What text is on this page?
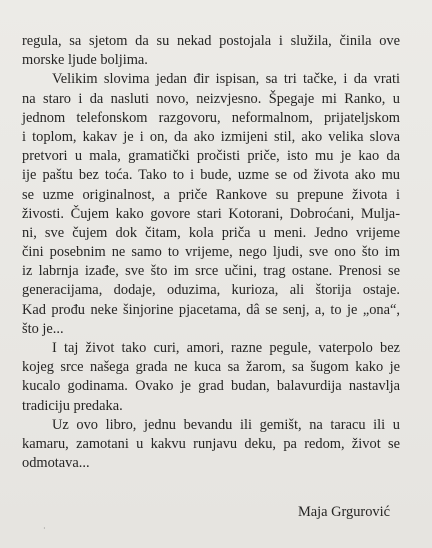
regula, sa sjetom da su nekad postojala i služila, činila ove
morske ljude boljima.
Velikim slovima jedan đir ispisan, sa tri tačke, i da vrati
na staro i da nasluti novo, neizvjesno. Špegaje mi Ranko, u
jednom telefonskom razgovoru, neformalnom, prijateljskom
i toplom, kakav je i on, da ako izmijeni stil, ako velika slova
pretvori u mala, gramatički pročisti priče, isto mu je kao da
ije paštu bez toća. Tako to i bude, uzme se od života ako mu
se uzme originalnost, a priče Rankove su prepune života i
živosti. Čujem kako govore stari Kotorani, Dobroćani, Mulja-
ni, sve čujem dok čitam, kola priča u meni. Jedno vrijeme
čini posebnim ne samo to vrijeme, nego ljudi, sve ono što im
iz labrnja izađe, sve što im srce učini, trag ostane. Prenosi se
generacijama, dodaje, oduzima, kurioza, ali štorija ostaje.
Kad prođu neke šinjorine pjacetama, dâ se senj, a, to je „ona“,
što je...
I taj život tako curi, amori, razne pegule, vaterpolo bez
kojeg srce našega grada ne kuca sa žarom, sa šugom kako je
kucalo godinama. Ovako je grad budan, balavurdija nastavlja
tradiciju predaka.
Uz ovo libro, jednu bevandu ili gemišt, na taracu ili u
kamaru, zamotani u kakvu runjavu deku, pa redom, život se
odmotava...
Maja Grgurović
·
